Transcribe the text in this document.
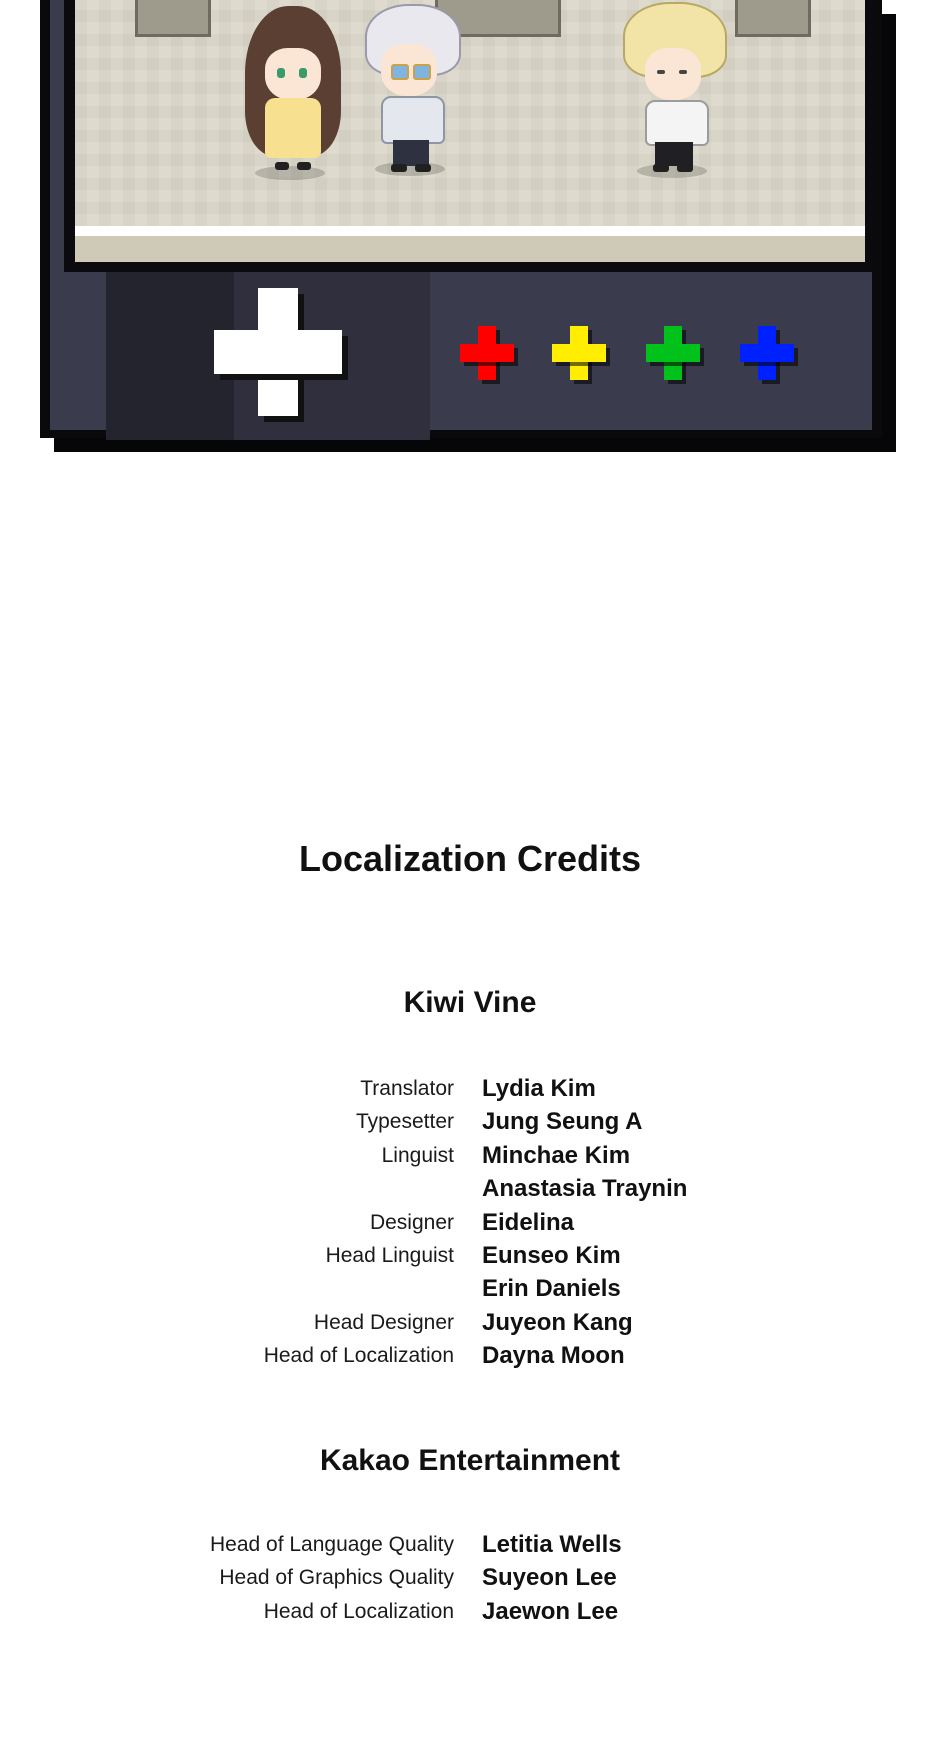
Localization Credits
Kiwi Vine
Translator Lydia Kim
Typesetter Jung Seung A
Linguist Minchae Kim
Anastasia Traynin
Designer Eidelina
Head Linguist Eunseo Kim
Erin Daniels
Head Designer Juyeon Kang
Head of Localization Dayna Moon
Kakao Entertainment
Head of Language Quality Letitia Wells
Head of Graphics Quality Suyeon Lee
Head of Localization Jaewon Lee
